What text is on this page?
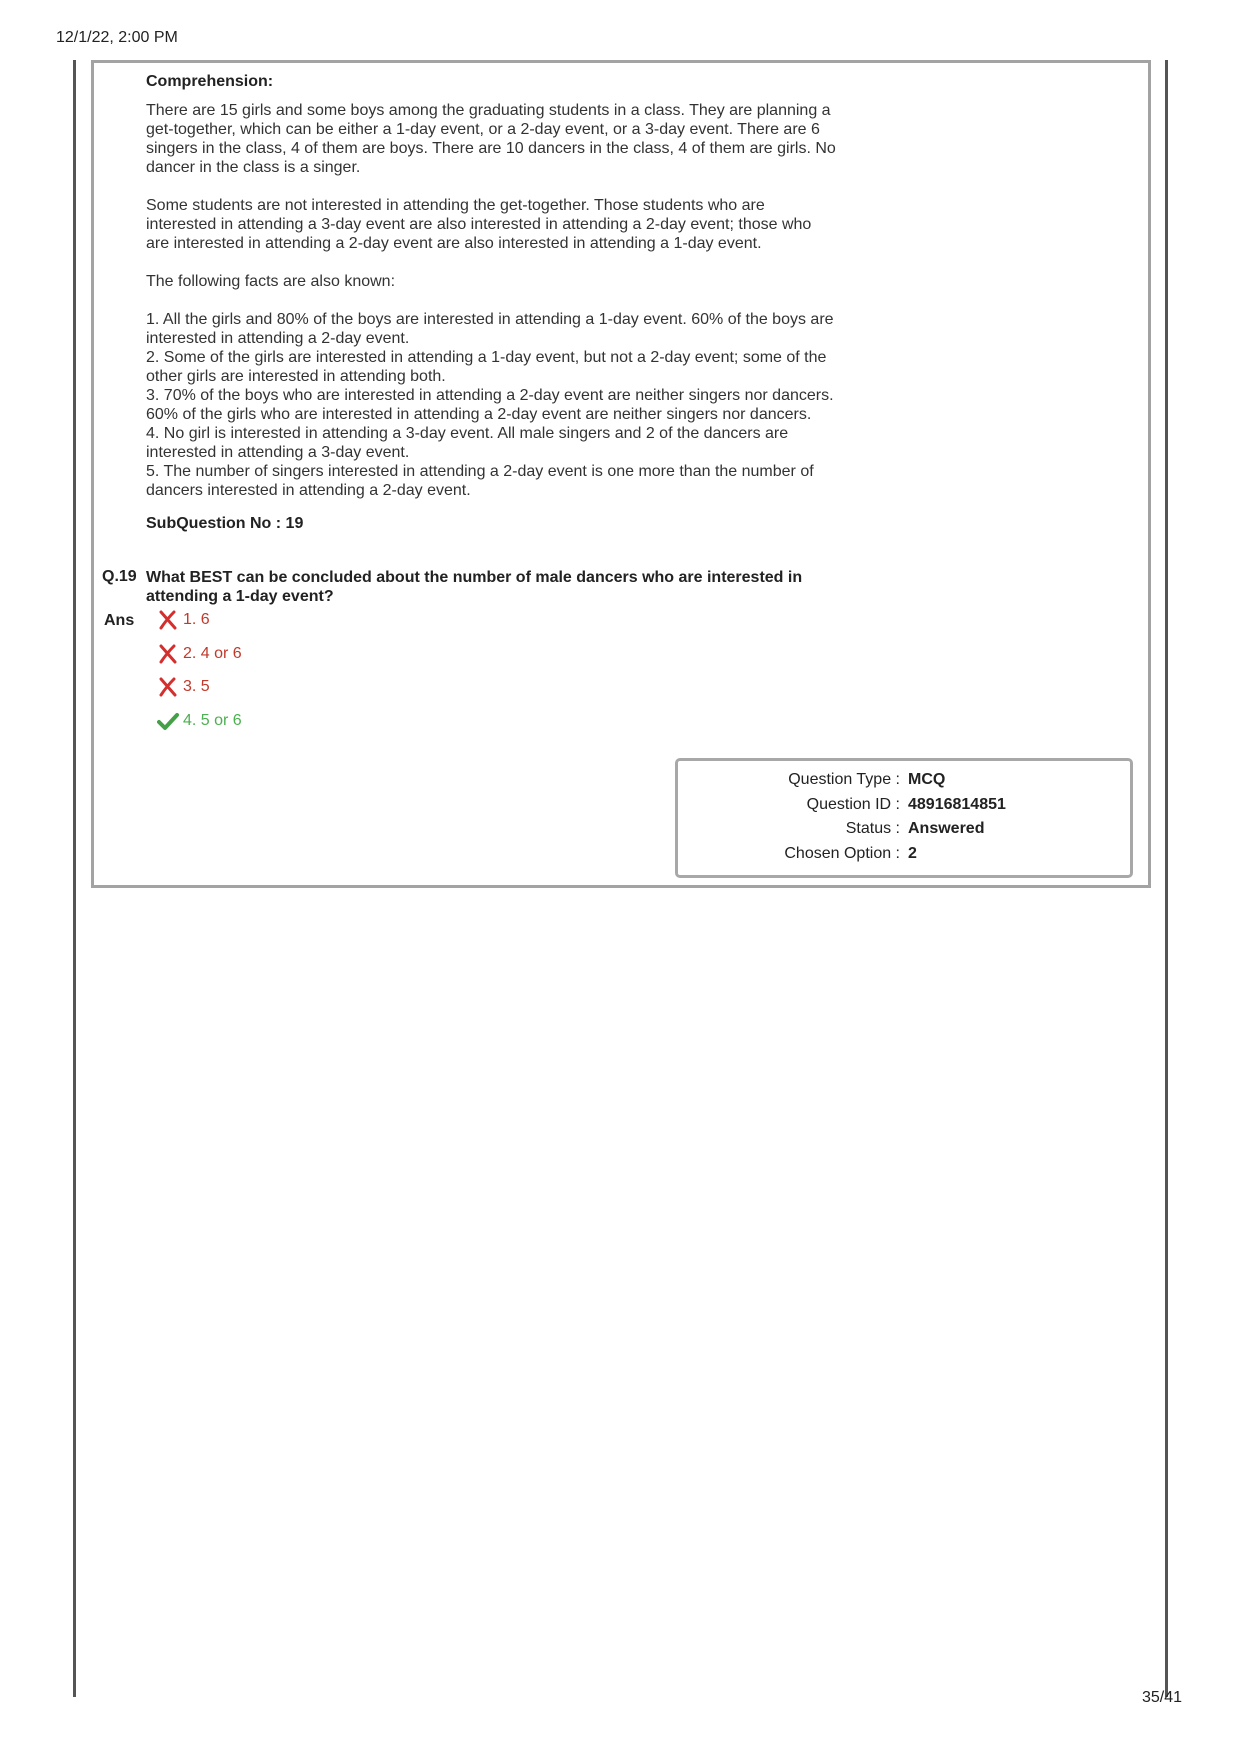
12/1/22, 2:00 PM
Comprehension:

There are 15 girls and some boys among the graduating students in a class. They are planning a get-together, which can be either a 1-day event, or a 2-day event, or a 3-day event. There are 6 singers in the class, 4 of them are boys. There are 10 dancers in the class, 4 of them are girls. No dancer in the class is a singer.

Some students are not interested in attending the get-together. Those students who are interested in attending a 3-day event are also interested in attending a 2-day event; those who are interested in attending a 2-day event are also interested in attending a 1-day event.

The following facts are also known:

1. All the girls and 80% of the boys are interested in attending a 1-day event. 60% of the boys are interested in attending a 2-day event.

2. Some of the girls are interested in attending a 1-day event, but not a 2-day event; some of the other girls are interested in attending both.

3. 70% of the boys who are interested in attending a 2-day event are neither singers nor dancers. 60% of the girls who are interested in attending a 2-day event are neither singers nor dancers.

4. No girl is interested in attending a 3-day event. All male singers and 2 of the dancers are interested in attending a 3-day event.

5. The number of singers interested in attending a 2-day event is one more than the number of dancers interested in attending a 2-day event.

SubQuestion No : 19
Q.19 What BEST can be concluded about the number of male dancers who are interested in attending a 1-day event?
Ans	1. 6
2. 4 or 6
3. 5
4. 5 or 6
Question Type : MCQ
Question ID : 48916814851
Status : Answered
Chosen Option : 2
35/41
